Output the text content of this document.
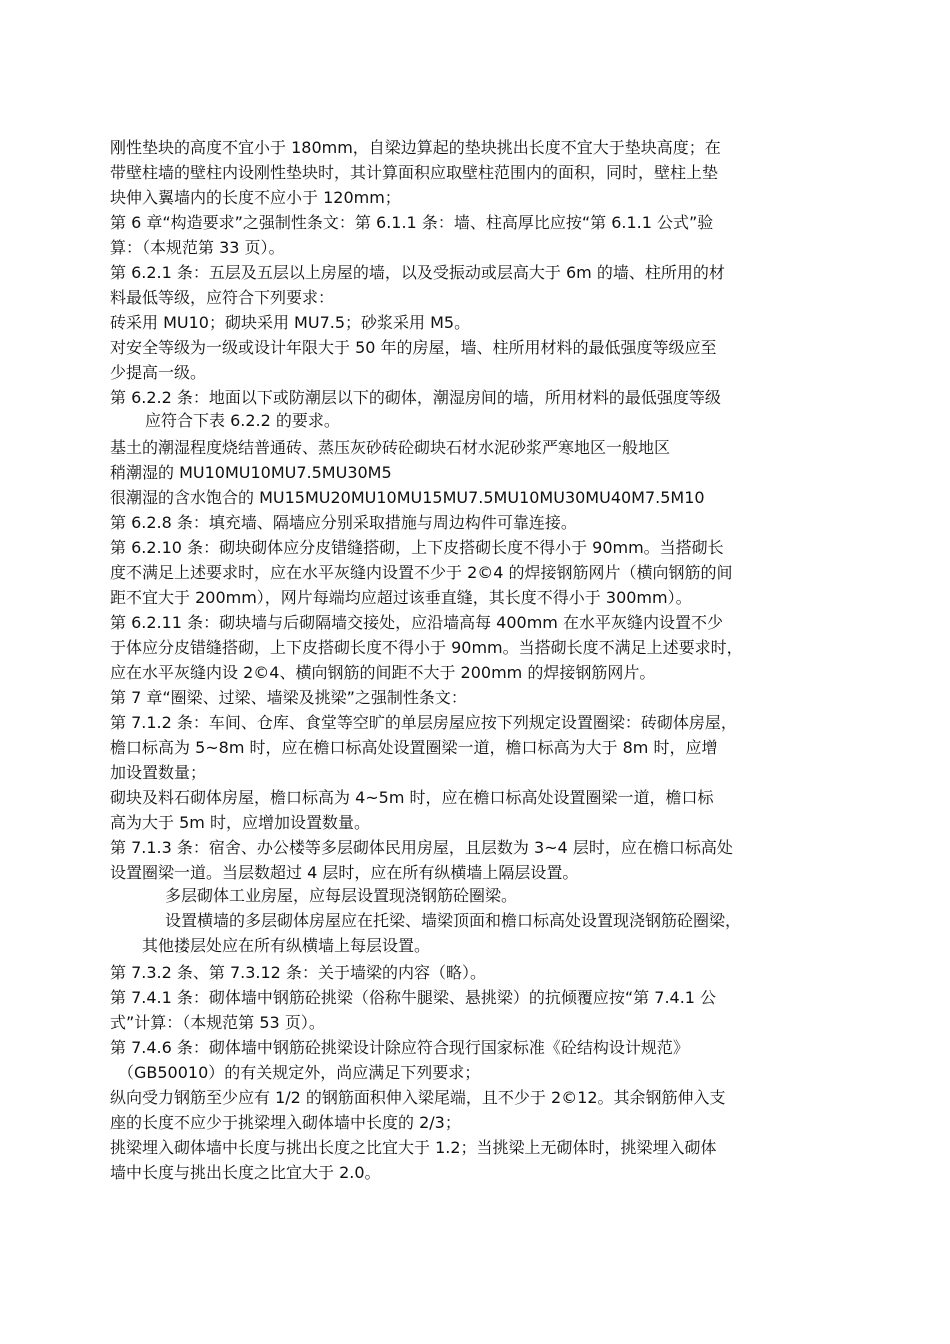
刚性垫块的高度不宜小于 180mm，自梁边算起的垫块挑出长度不宜大于垫块高度；在
带壁柱墙的壁柱内设刚性垫块时，其计算面积应取壁柱范围内的面积，同时，壁柱上垫
块伸入翼墙内的长度不应小于 120mm；
第 6 章“构造要求”之强制性条文：第 6.1.1 条：墙、柱高厚比应按“第 6.1.1 公式”验
算：（本规范第 33 页）。
第 6.2.1 条：五层及五层以上房屋的墙，以及受振动或层高大于 6m 的墙、柱所用的材
料最低等级，应符合下列要求：
砖采用 MU10；砌块采用 MU7.5；砂浆采用 M5。
对安全等级为一级或设计年限大于 50 年的房屋，墙、柱所用材料的最低强度等级应至
少提高一级。
第 6.2.2 条：地面以下或防潮层以下的砌体，潮湿房间的墙，所用材料的最低强度等级
应符合下表 6.2.2 的要求。
基土的潮湿程度烧结普通砖、蒸压灰砂砖砼砌块石材水泥砂浆严寒地区一般地区
稍潮湿的 MU10MU10MU7.5MU30M5
很潮湿的含水饱合的 MU15MU20MU10MU15MU7.5MU10MU30MU40M7.5M10
第 6.2.8 条：填充墙、隔墙应分别采取措施与周边构件可靠连接。
第 6.2.10 条：砌块砌体应分皮错缝搭砌，上下皮搭砌长度不得小于 90mm。当搭砌长
度不满足上述要求时，应在水平灰缝内设置不少于 2©4 的焊接钢筋网片（横向钢筋的间
距不宜大于 200mm），网片每端均应超过该垂直缝，其长度不得小于 300mm）。
第 6.2.11 条：砌块墙与后砌隔墙交接处，应沿墙高每 400mm 在水平灰缝内设置不少
于体应分皮错缝搭砌，上下皮搭砌长度不得小于 90mm。当搭砌长度不满足上述要求时，
应在水平灰缝内设 2©4、横向钢筋的间距不大于 200mm 的焊接钢筋网片。
第 7 章“圈梁、过梁、墙梁及挑梁”之强制性条文：
第 7.1.2 条：车间、仓库、食堂等空旷的单层房屋应按下列规定设置圈梁：砖砌体房屋，
檐口标高为 5~8m 时，应在檐口标高处设置圈梁一道，檐口标高为大于 8m 时，应增
加设置数量；
砌块及料石砌体房屋，檐口标高为 4~5m 时，应在檐口标高处设置圈梁一道，檐口标
高为大于 5m 时，应增加设置数量。
第 7.1.3 条：宿舍、办公楼等多层砌体民用房屋，且层数为 3~4 层时，应在檐口标高处
设置圈梁一道。当层数超过 4 层时，应在所有纵横墙上隔层设置。
多层砌体工业房屋，应每层设置现浇钢筋砼圈梁。
设置横墙的多层砌体房屋应在托梁、墙梁顶面和檐口标高处设置现浇钢筋砼圈梁，
其他搂层处应在所有纵横墙上每层设置。
第 7.3.2 条、第 7.3.12 条：关于墙梁的内容（略）。
第 7.4.1 条：砌体墙中钢筋砼挑梁（俗称牛腿梁、悬挑梁）的抗倾覆应按“第 7.4.1 公
式”计算：（本规范第 53 页）。
第 7.4.6 条：砌体墙中钢筋砼挑梁设计除应符合现行国家标准《砼结构设计规范》
（GB50010）的有关规定外，尚应满足下列要求；
纵向受力钢筋至少应有 1/2 的钢筋面积伸入梁尾端，且不少于 2©12。其余钢筋伸入支
座的长度不应少于挑梁埋入砌体墙中长度的 2/3；
挑梁埋入砌体墙中长度与挑出长度之比宜大于 1.2；当挑梁上无砌体时，挑梁埋入砌体
墙中长度与挑出长度之比宜大于 2.0。
